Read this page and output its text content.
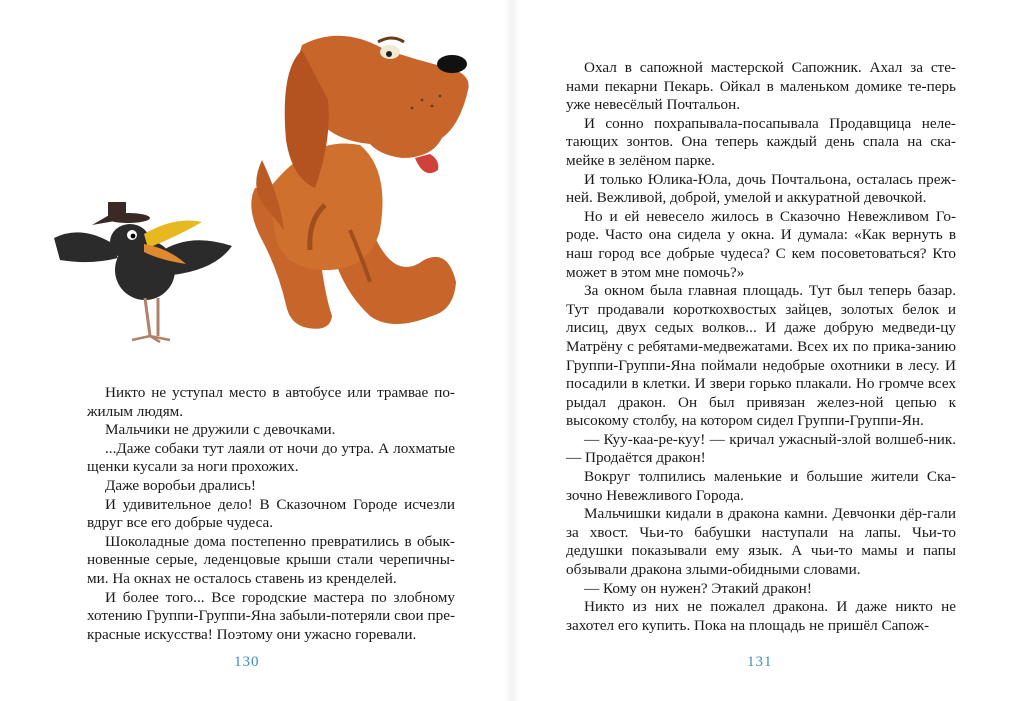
Никто не уступал место в автобусе или трамвае по-жилым людям.

Мальчики не дружили с девочками.

...Даже собаки тут лаяли от ночи до утра. А лохматые щенки кусали за ноги прохожих.

Даже воробьи дрались!

И удивительное дело! В Сказочном Городе исчезли вдруг все его добрые чудеса.

Шоколадные дома постепенно превратились в обык-новенные серые, леденцовые крыши стали черепичны-ми. На окнах не осталось ставень из кренделей.

И более того... Все городские мастера по злобному хотению Группи-Группи-Яна забыли-потеряли свои пре-красные искусства! Поэтому они ужасно горевали.

130

Охал в сапожной мастерской Сапожник. Ахал за сте-нами пекарни Пекарь. Ойкал в маленьком домике те-перь уже невесёлый Почтальон.

И сонно похрапывала-посапывала Продавщица неле-тающих зонтов. Она теперь каждый день спала на ска-мейке в зелёном парке.

И только Юлика-Юла, дочь Почтальона, осталась преж-ней. Вежливой, доброй, умелой и аккуратной девочкой.

Но и ей невесело жилось в Сказочно Невежливом Го-роде. Часто она сидела у окна. И думала: «Как вернуть в наш город все добрые чудеса? С кем посоветоваться? Кто может в этом мне помочь?»

За окном была главная площадь. Тут был теперь базар. Тут продавали короткохвостых зайцев, золотых белок и лисиц, двух седых волков... И даже добрую медведи-цу Матрёну с ребятами-медвежатами. Всех их по прика-занию Группи-Группи-Яна поймали недобрые охотники в лесу. И посадили в клетки. И звери горько плакали. Но громче всех рыдал дракон. Он был привязан желез-ной цепью к высокому столбу, на котором сидел Группи-Группи-Ян.

— Куу-каа-ре-куу! — кричал ужасный-злой волшеб-ник. — Продаётся дракон!

Вокруг толпились маленькие и большие жители Ска-зочно Невежливого Города.

Мальчишки кидали в дракона камни. Девчонки дёр-гали за хвост. Чьи-то бабушки наступали на лапы. Чьи-то дедушки показывали ему язык. А чьи-то мамы и папы обзывали дракона злыми-обидными словами.

— Кому он нужен? Этакий дракон!

Никто из них не пожалел дракона. И даже никто не захотел его купить. Пока на площадь не пришёл Сапож-

131
